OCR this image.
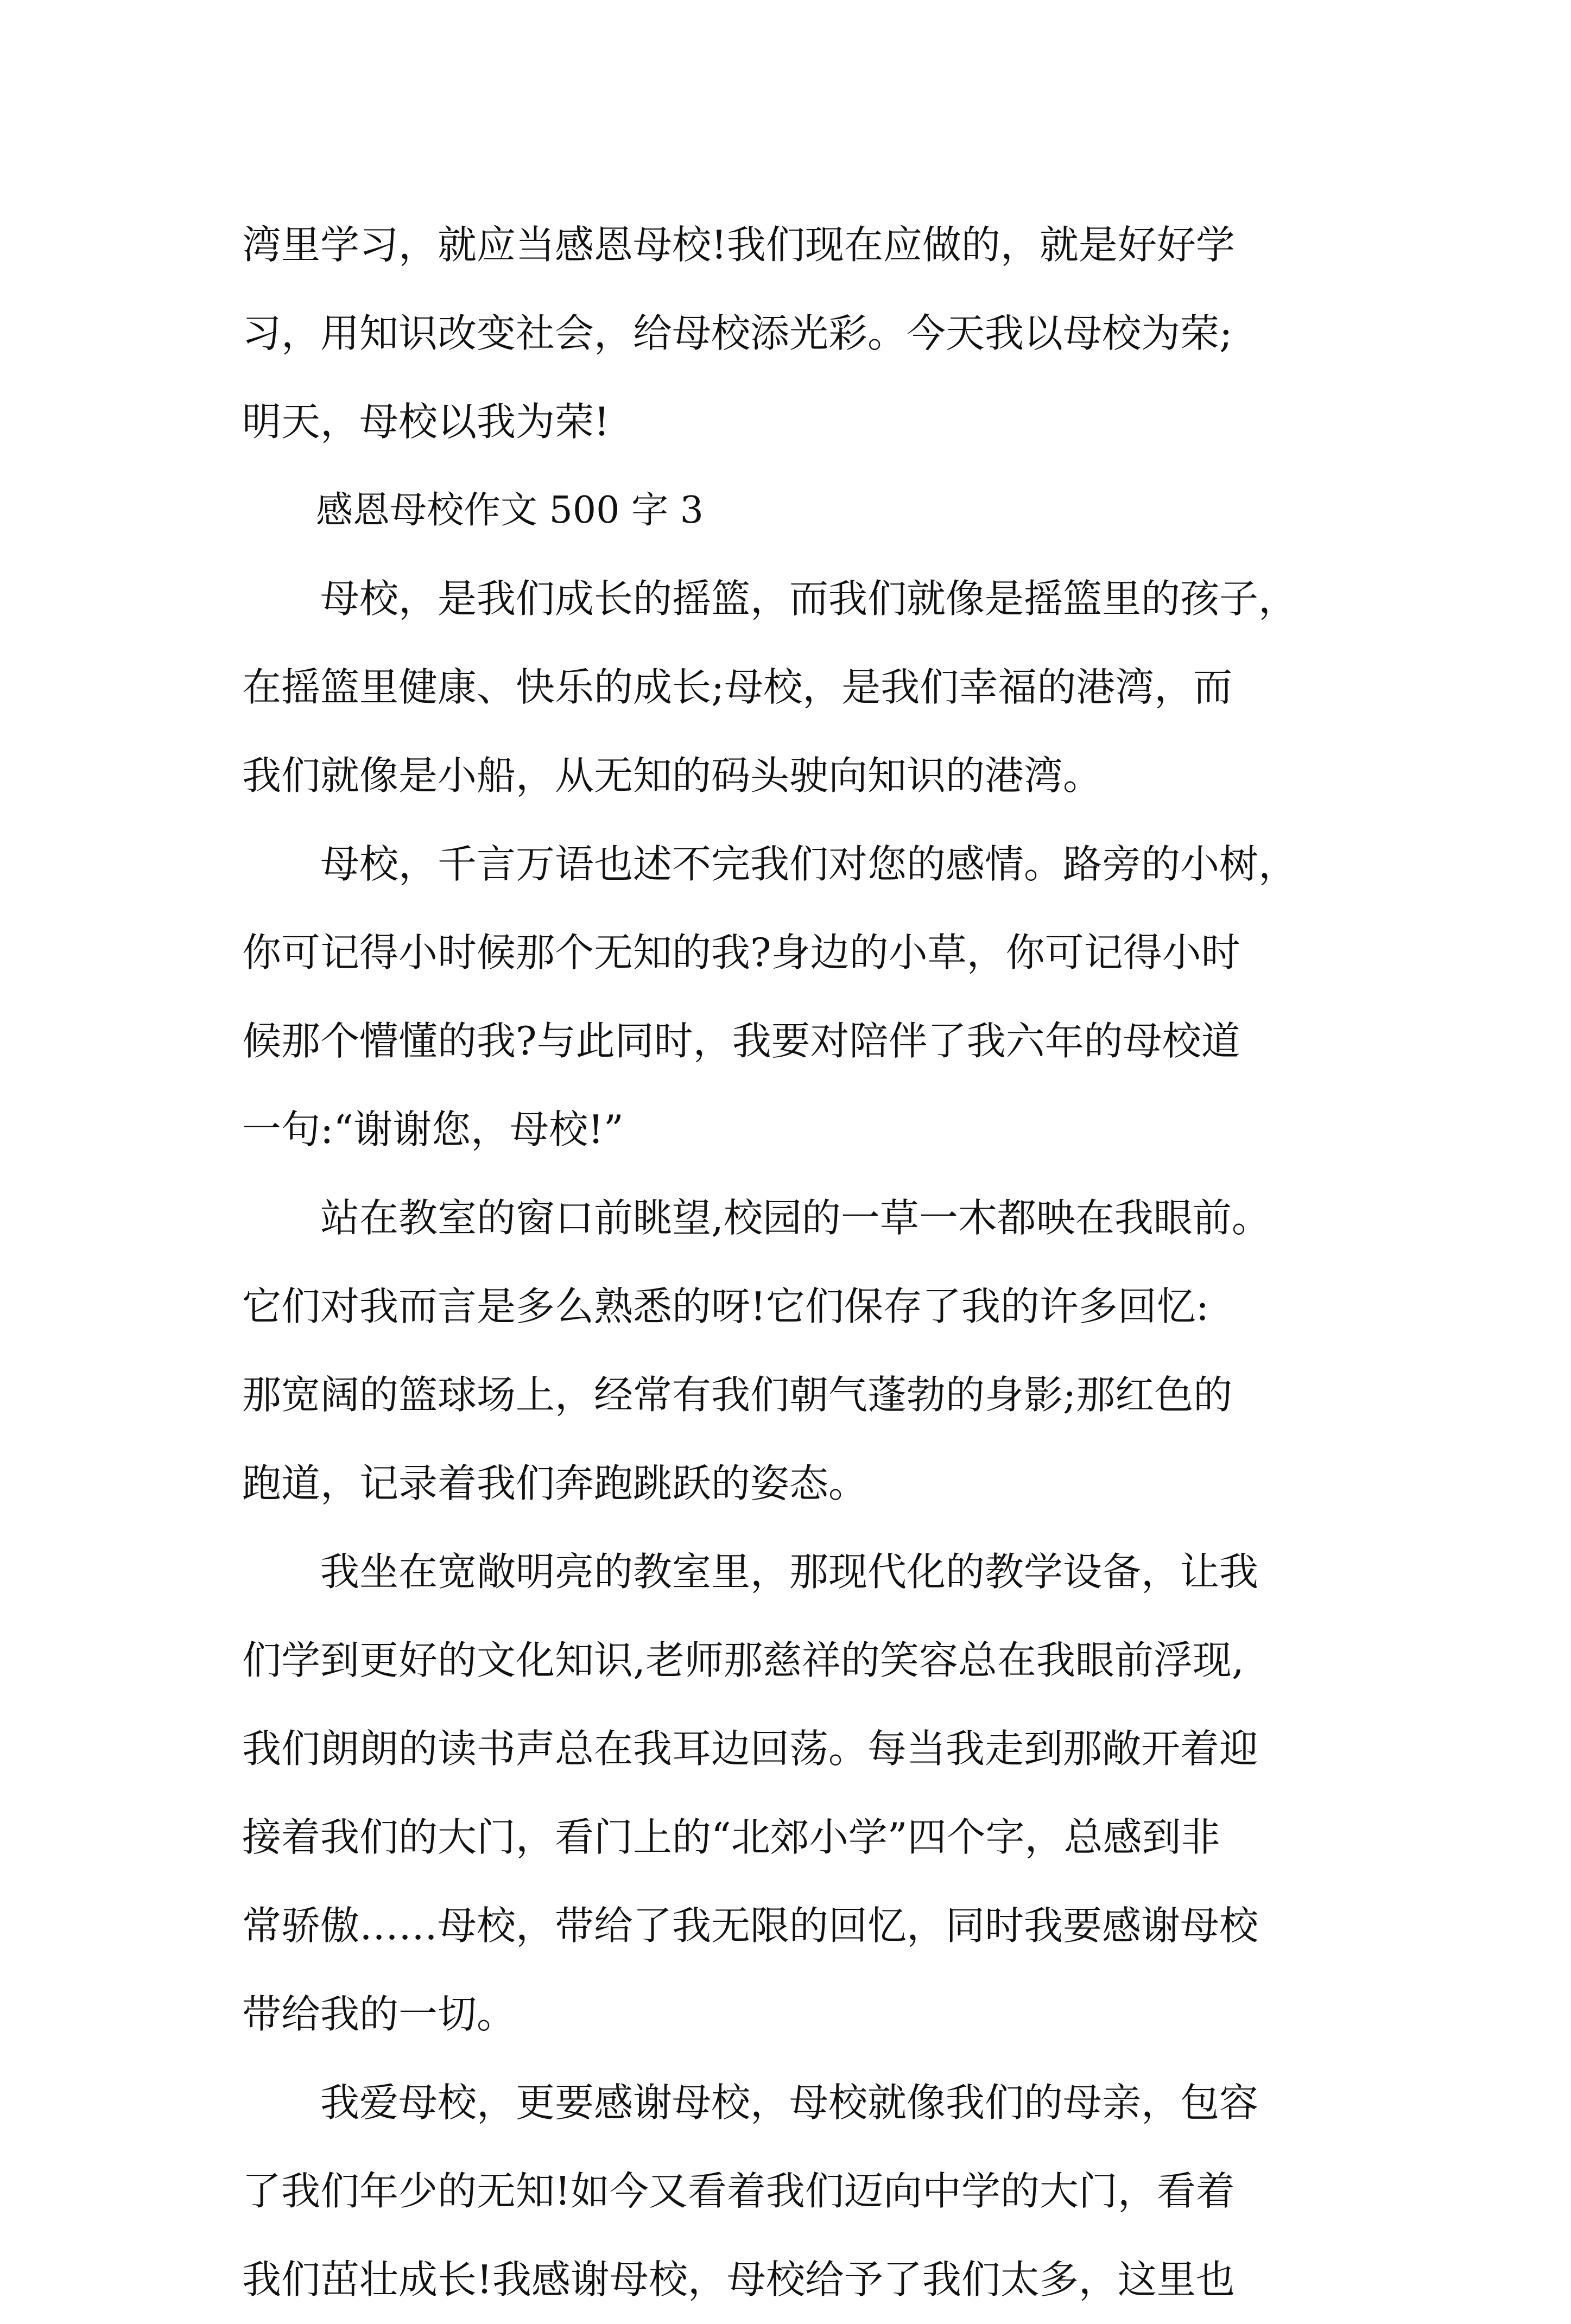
湾里学习，就应当感恩母校!我们现在应做的，就是好好学
习，用知识改变社会，给母校添光彩。今天我以母校为荣;
明天，母校以我为荣!
　　感恩母校作文 500 字 3
　　母校，是我们成长的摇篮，而我们就像是摇篮里的孩子，
在摇篮里健康、快乐的成长;母校，是我们幸福的港湾，而
我们就像是小船，从无知的码头驶向知识的港湾。
　　母校，千言万语也述不完我们对您的感情。路旁的小树，
你可记得小时候那个无知的我?身边的小草，你可记得小时
候那个懵懂的我?与此同时，我要对陪伴了我六年的母校道
一句:“谢谢您，母校!”
　　站在教室的窗口前眺望,校园的一草一木都映在我眼前。
它们对我而言是多么熟悉的呀!它们保存了我的许多回忆:
那宽阔的篮球场上，经常有我们朝气蓬勃的身影;那红色的
跑道，记录着我们奔跑跳跃的姿态。
　　我坐在宽敞明亮的教室里，那现代化的教学设备，让我
们学到更好的文化知识,老师那慈祥的笑容总在我眼前浮现,
我们朗朗的读书声总在我耳边回荡。每当我走到那敞开着迎
接着我们的大门，看门上的“北郊小学”四个字，总感到非
常骄傲……母校，带给了我无限的回忆，同时我要感谢母校
带给我的一切。
　　我爱母校，更要感谢母校，母校就像我们的母亲，包容
了我们年少的无知!如今又看着我们迈向中学的大门，看着
我们茁壮成长!我感谢母校，母校给予了我们太多，这里也
